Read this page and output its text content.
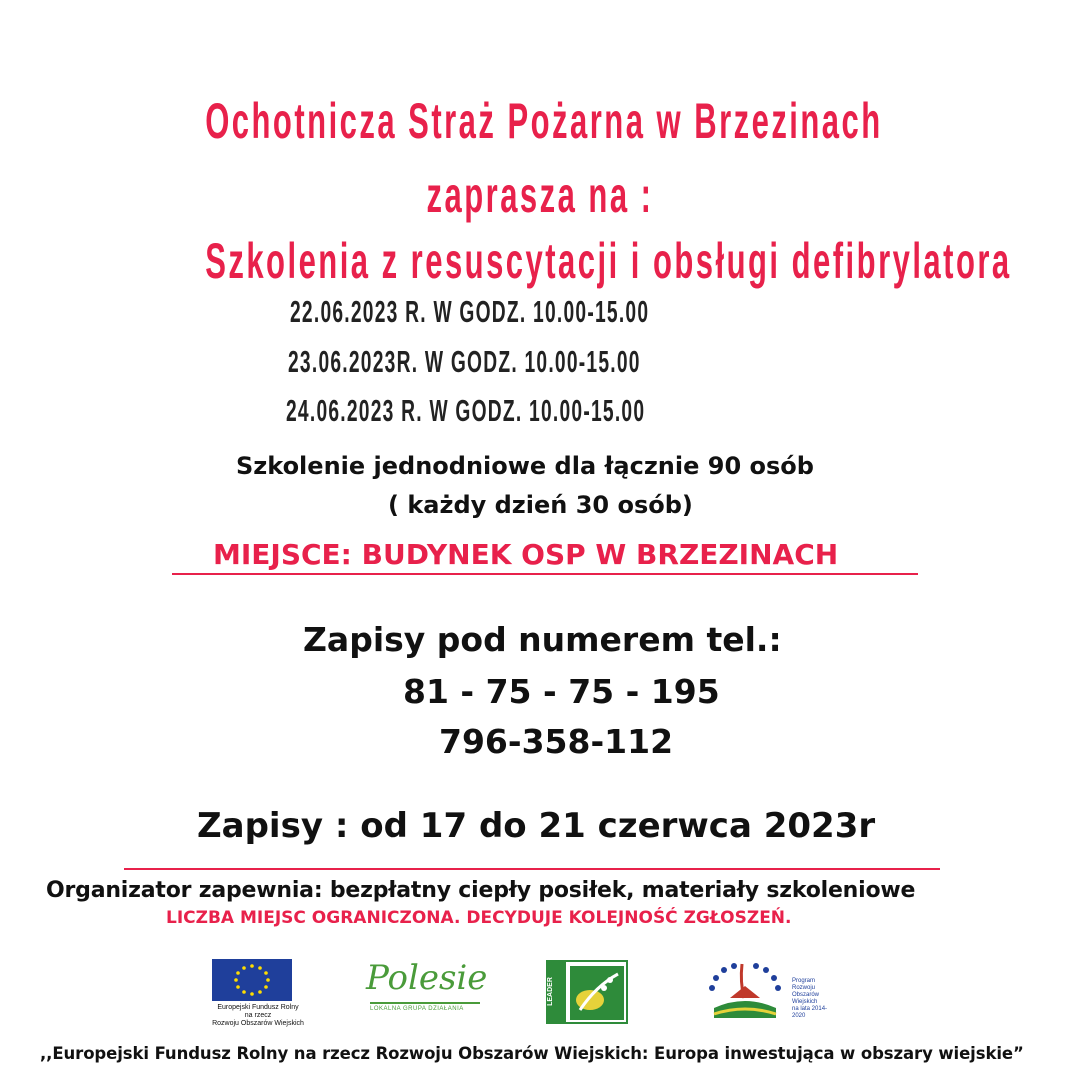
Ochotnicza Straż Pożarna w Brzezinach
zaprasza na :
Szkolenia z resuscytacji i obsługi defibrylatora
22.06.2023 R. W GODZ. 10.00-15.00
23.06.2023R. W GODZ. 10.00-15.00
24.06.2023 R. W GODZ. 10.00-15.00
Szkolenie jednodniowe dla łącznie 90 osób
( każdy dzień 30 osób)
MIEJSCE: BUDYNEK OSP W BRZEZINACH
Zapisy pod numerem tel.:
81 - 75 - 75 - 195
796-358-112
Zapisy : od 17 do 21 czerwca 2023r
Organizator zapewnia: bezpłatny ciepły posiłek, materiały szkoleniowe
LICZBA MIEJSC OGRANICZONA. DECYDUJE KOLEJNOŚĆ ZGŁOSZEŃ.
Europejski Fundusz Rolny
na rzecz
Rozwoju Obszarów Wiejskich
Polesie
LOKALNA GRUPA DZIAŁANIA
LEADER	Program
Rozwoju
Obszarów
Wiejskich
na lata 2014-2020
,,Europejski Fundusz Rolny na rzecz Rozwoju Obszarów Wiejskich: Europa inwestująca w obszary wiejskie”
